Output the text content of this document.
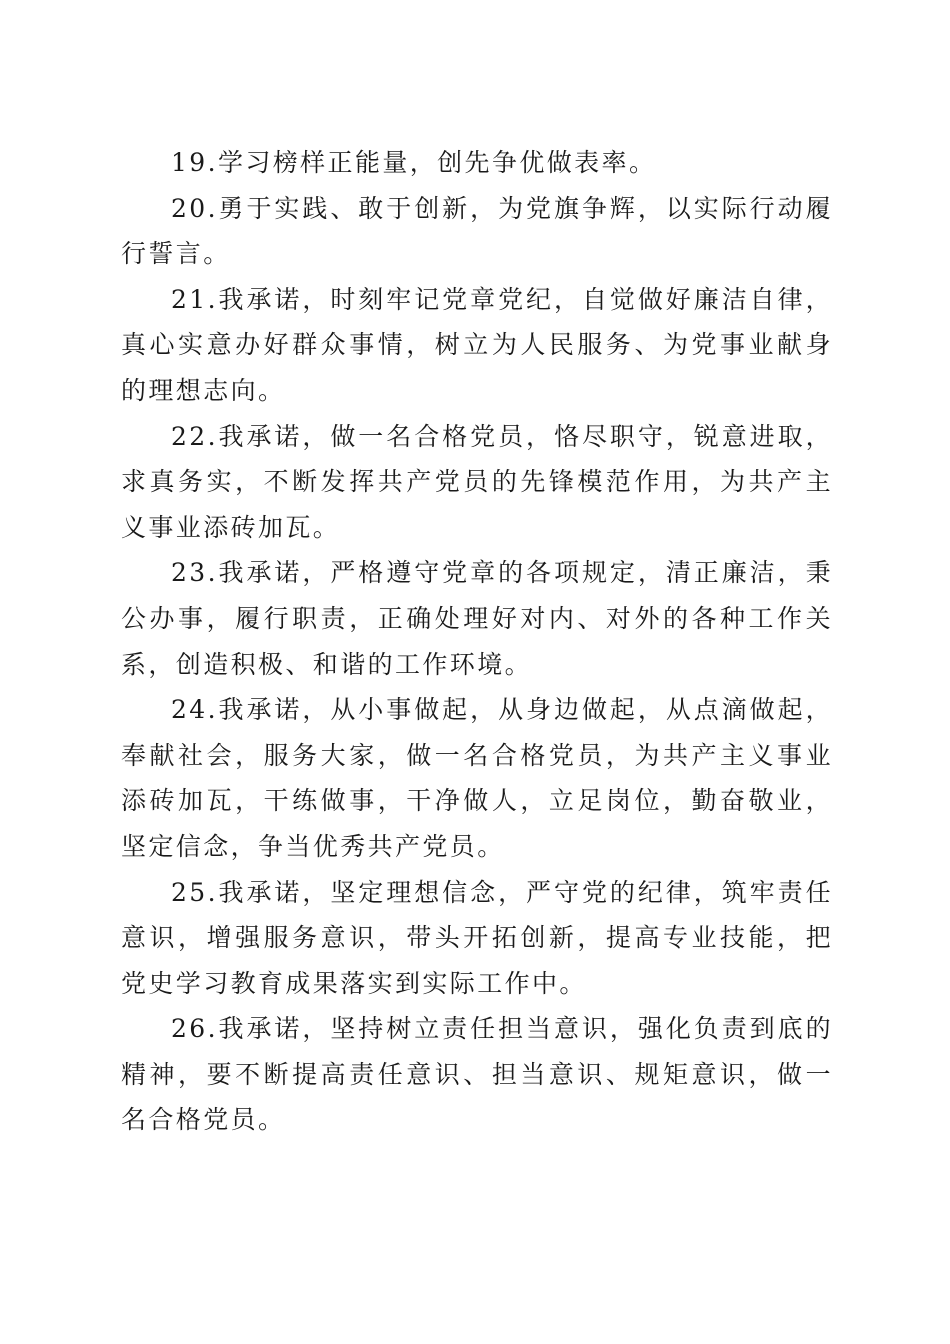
19.学习榜样正能量，创先争优做表率。

20.勇于实践、敢于创新，为党旗争辉，以实际行动履行誓言。

21.我承诺，时刻牢记党章党纪，自觉做好廉洁自律，真心实意办好群众事情，树立为人民服务、为党事业献身的理想志向。

22.我承诺，做一名合格党员，恪尽职守，锐意进取，求真务实，不断发挥共产党员的先锋模范作用，为共产主义事业添砖加瓦。

23.我承诺，严格遵守党章的各项规定，清正廉洁，秉公办事，履行职责，正确处理好对内、对外的各种工作关系，创造积极、和谐的工作环境。

24.我承诺，从小事做起，从身边做起，从点滴做起，奉献社会，服务大家，做一名合格党员，为共产主义事业添砖加瓦，干练做事，干净做人，立足岗位，勤奋敬业，坚定信念，争当优秀共产党员。

25.我承诺，坚定理想信念，严守党的纪律，筑牢责任意识，增强服务意识，带头开拓创新，提高专业技能，把党史学习教育成果落实到实际工作中。

26.我承诺，坚持树立责任担当意识，强化负责到底的精神，要不断提高责任意识、担当意识、规矩意识，做一名合格党员。
